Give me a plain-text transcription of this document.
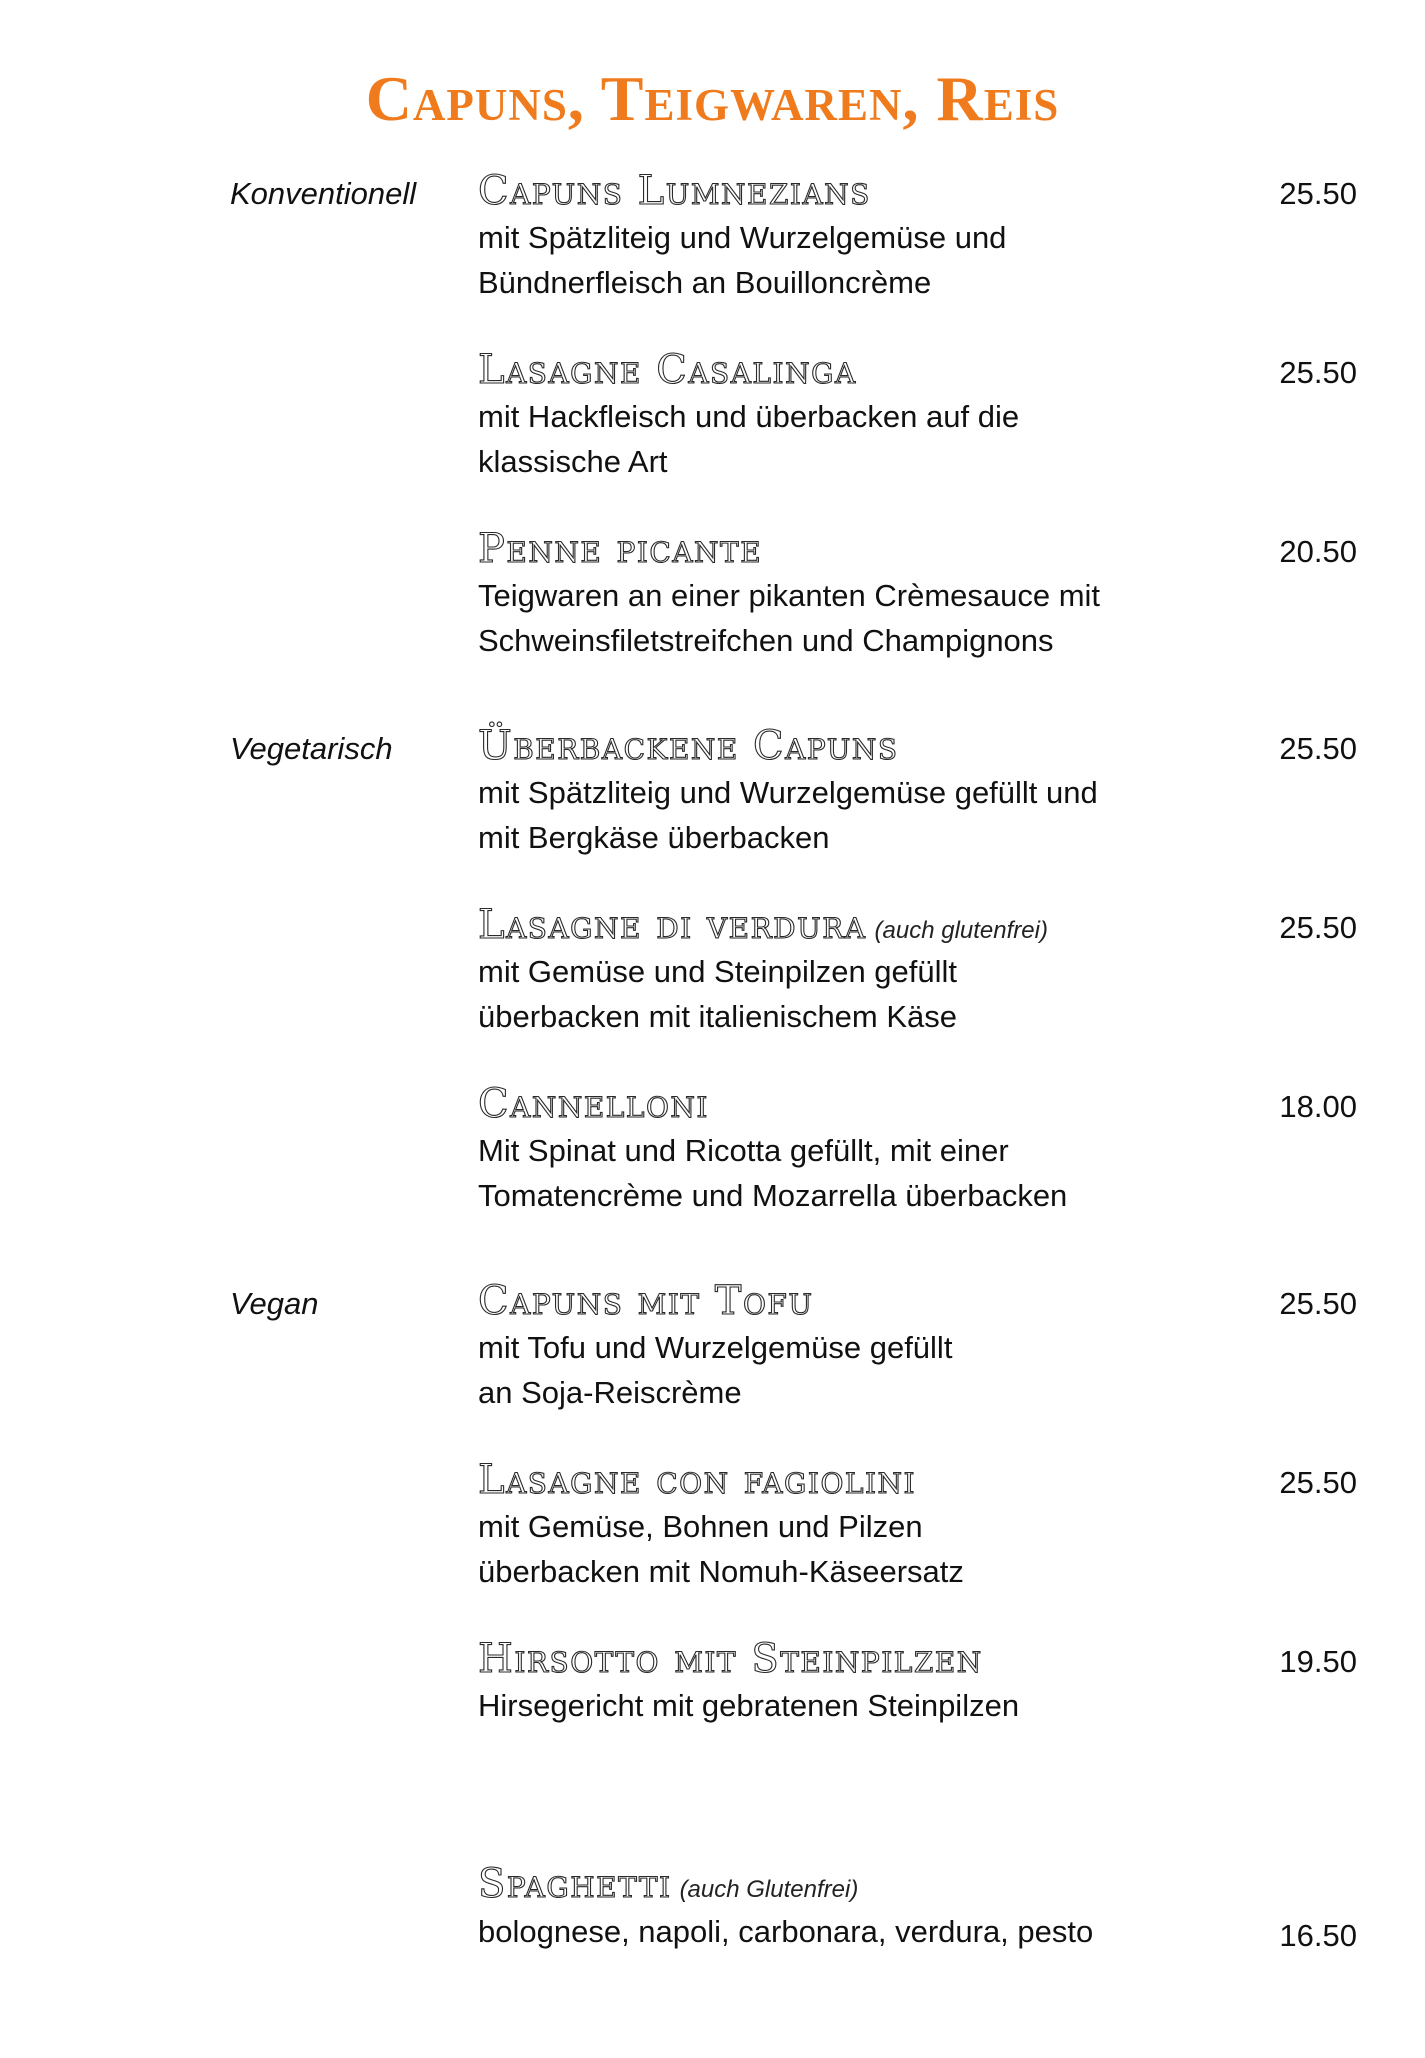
Capuns, Teigwaren, Reis
Konventionell Capuns Lumnezians	25.50
mit Spätzliteig und Wurzelgemüse und
Bündnerfleisch an Bouilloncrème
Lasagne Casalinga	25.50
mit Hackfleisch und überbacken auf die
klassische Art
Penne picante	20.50
Teigwaren an einer pikanten Crèmesauce mit
Schweinsfiletstreifchen und Champignons
Vegetarisch Überbackene Capuns	25.50
mit Spätzliteig und Wurzelgemüse gefüllt und
mit Bergkäse überbacken
Lasagne di verdura (auch glutenfrei)	25.50
mit Gemüse und Steinpilzen gefüllt
überbacken mit italienischem Käse
Cannelloni	18.00
Mit Spinat und Ricotta gefüllt, mit einer
Tomatencrème und Mozarrella überbacken
Vegan	Capuns mit Tofu	25.50
mit Tofu und Wurzelgemüse gefüllt
an Soja-Reiscrème
Lasagne con fagiolini	25.50
mit Gemüse, Bohnen und Pilzen
überbacken mit Nomuh-Käseersatz
Hirsotto mit Steinpilzen	19.50
Hirsegericht mit gebratenen Steinpilzen
Spaghetti (auch Glutenfrei)
bolognese, napoli, carbonara, verdura, pesto	16.50
